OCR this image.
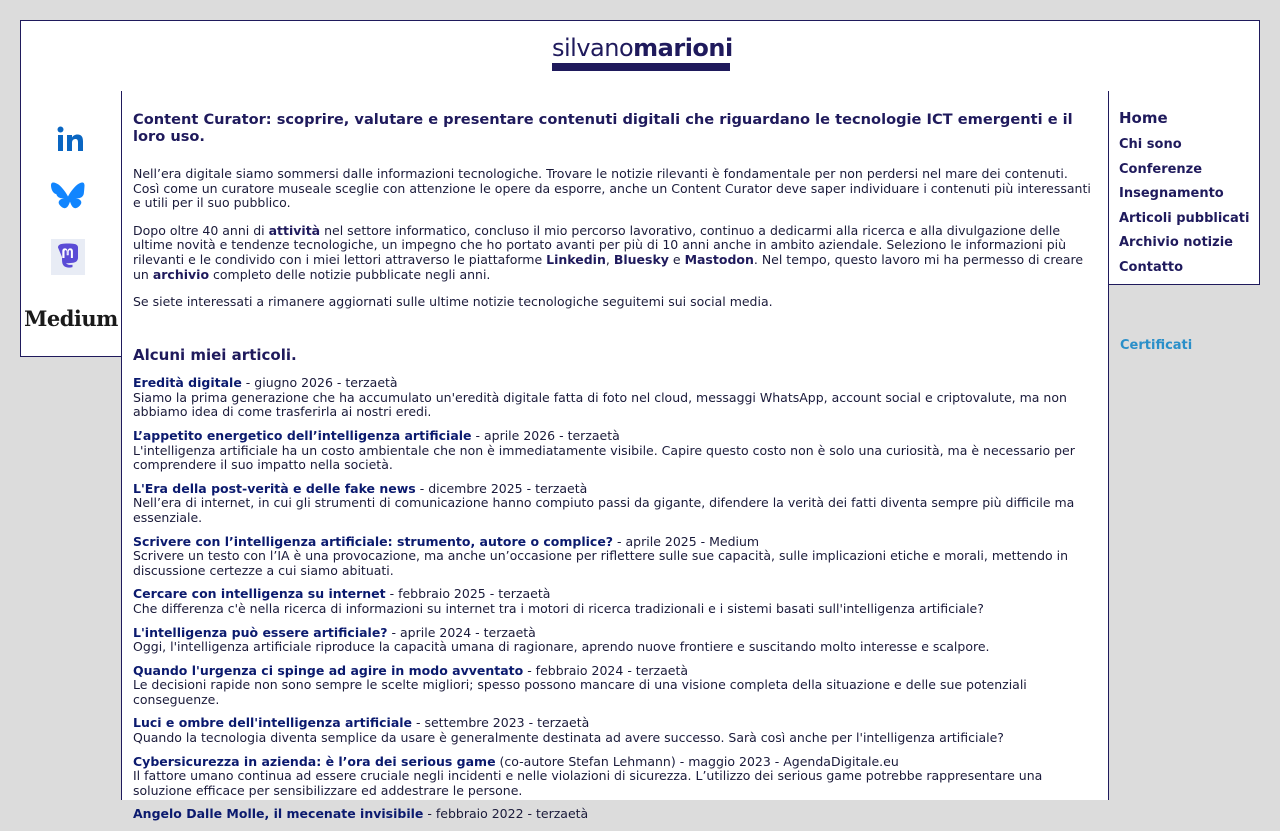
silvanomarioni
Medium
Content Curator: scoprire, valutare e presentare contenuti digitali che riguardano le tecnologie ICT emergenti e il loro uso.

Nell’era digitale siamo sommersi dalle informazioni tecnologiche. Trovare le notizie rilevanti è fondamentale per non perdersi nel mare dei contenuti.
Così come un curatore museale sceglie con attenzione le opere da esporre, anche un Content Curator deve saper individuare i contenuti più interessanti e utili per il suo pubblico.

Dopo oltre 40 anni di attività nel settore informatico, concluso il mio percorso lavorativo, continuo a dedicarmi alla ricerca e alla divulgazione delle ultime novità e tendenze tecnologiche, un impegno che ho portato avanti per più di 10 anni anche in ambito aziendale. Seleziono le informazioni più rilevanti e le condivido con i miei lettori attraverso le piattaforme Linkedin, Bluesky e Mastodon. Nel tempo, questo lavoro mi ha permesso di creare un archivio completo delle notizie pubblicate negli anni.

Se siete interessati a rimanere aggiornati sulle ultime notizie tecnologiche seguitemi sui social media.

Alcuni miei articoli.
Eredità digitale - giugno 2026 - terzaetà
Siamo la prima generazione che ha accumulato un'eredità digitale fatta di foto nel cloud, messaggi WhatsApp, account social e criptovalute, ma non abbiamo idea di come trasferirla ai nostri eredi.
L’appetito energetico dell’intelligenza artificiale - aprile 2026 - terzaetà
L'intelligenza artificiale ha un costo ambientale che non è immediatamente visibile. Capire questo costo non è solo una curiosità, ma è necessario per comprendere il suo impatto nella società.
L'Era della post-verità e delle fake news - dicembre 2025 - terzaetà
Nell’era di internet, in cui gli strumenti di comunicazione hanno compiuto passi da gigante, difendere la verità dei fatti diventa sempre più difficile ma essenziale.
Scrivere con l’intelligenza artificiale: strumento, autore o complice? - aprile 2025 - Medium
Scrivere un testo con l’IA è una provocazione, ma anche un’occasione per riflettere sulle sue capacità, sulle implicazioni etiche e morali, mettendo in discussione certezze a cui siamo abituati.
Cercare con intelligenza su internet - febbraio 2025 - terzaetà
Che differenza c'è nella ricerca di informazioni su internet tra i motori di ricerca tradizionali e i sistemi basati sull'intelligenza artificiale?
L'intelligenza può essere artificiale? - aprile 2024 - terzaetà
Oggi, l'intelligenza artificiale riproduce la capacità umana di ragionare, aprendo nuove frontiere e suscitando molto interesse e scalpore.
Quando l'urgenza ci spinge ad agire in modo avventato - febbraio 2024 - terzaetà
Le decisioni rapide non sono sempre le scelte migliori; spesso possono mancare di una visione completa della situazione e delle sue potenziali conseguenze.
Luci e ombre dell'intelligenza artificiale - settembre 2023 - terzaetà
Quando la tecnologia diventa semplice da usare è generalmente destinata ad avere successo. Sarà così anche per l'intelligenza artificiale?
Cybersicurezza in azienda: è l’ora dei serious game (co-autore Stefan Lehmann) - maggio 2023 - AgendaDigitale.eu
Il fattore umano continua ad essere cruciale negli incidenti e nelle violazioni di sicurezza. L’utilizzo dei serious game potrebbe rappresentare una soluzione efficace per sensibilizzare ed addestrare le persone.
Angelo Dalle Molle, il mecenate invisibile - febbraio 2022 - terzaetà
Home
Chi sono
Conferenze
Insegnamento
Articoli pubblicati
Archivio notizie
Contatto
Certificati
